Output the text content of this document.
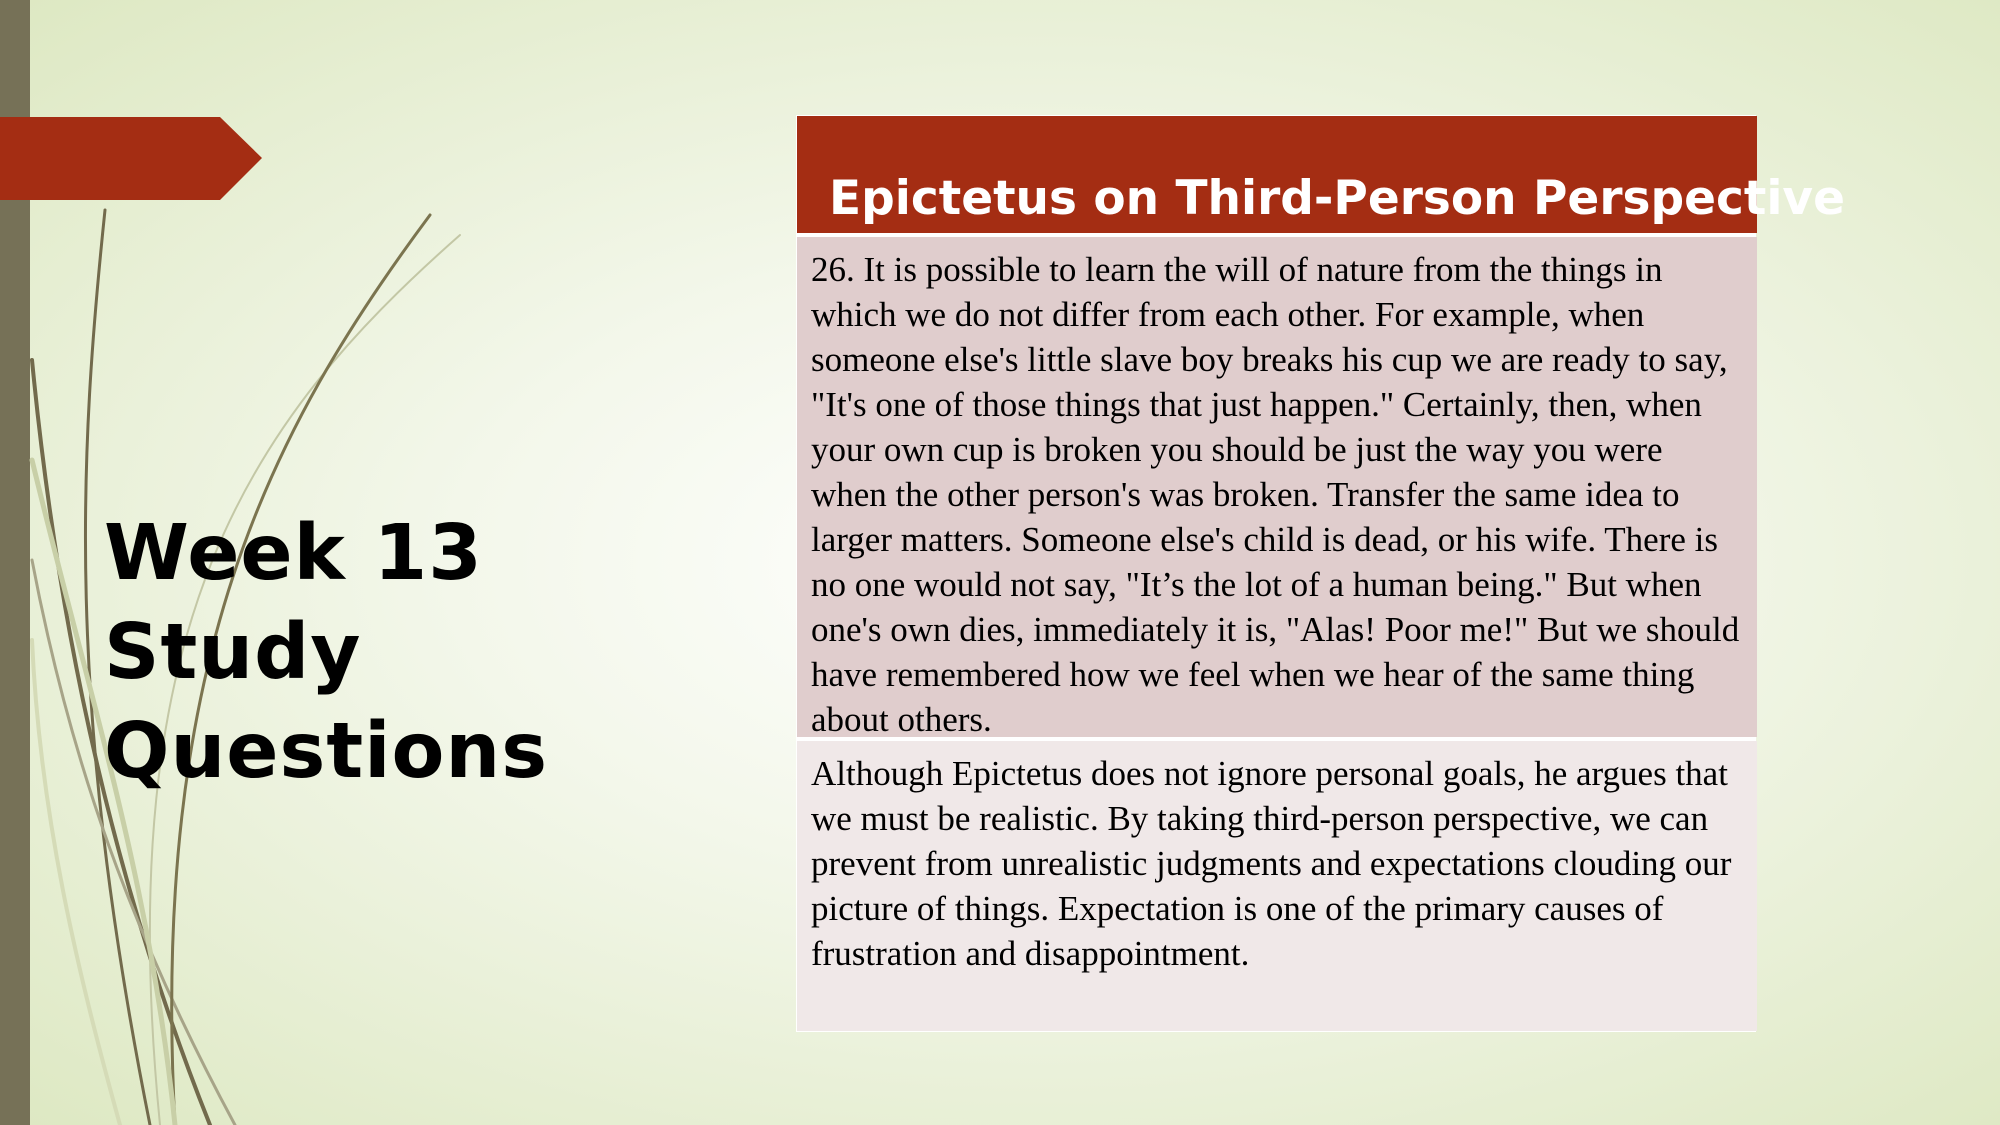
Week 13
Study
Questions
Epictetus on Third-Person Perspective
26. It is possible to learn the will of nature from the things in which we do not differ from each other. For example, when someone else's little slave boy breaks his cup we are ready to say, "It's one of those things that just happen." Certainly, then, when your own cup is broken you should be just the way you were when the other person's was broken. Transfer the same idea to larger matters. Someone else's child is dead, or his wife. There is no one would not say, "It’s the lot of a human being." But when one's own dies, immediately it is, "Alas! Poor me!" But we should have remembered how we feel when we hear of the same thing about others.
Although Epictetus does not ignore personal goals, he argues that we must be realistic. By taking third-person perspective, we can prevent from unrealistic judgments and expectations clouding our picture of things. Expectation is one of the primary causes of frustration and disappointment.
